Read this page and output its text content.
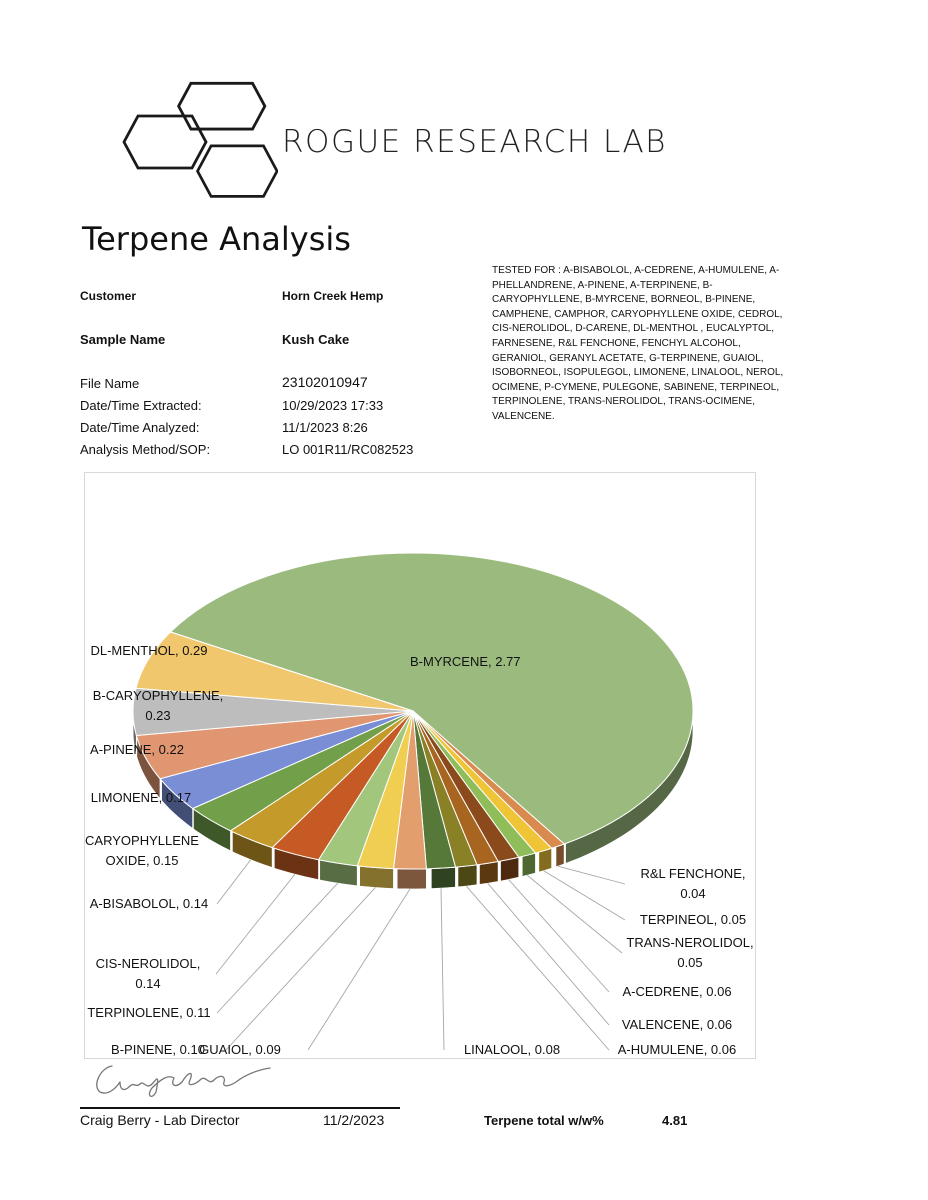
ROGUE RESEARCH LAB
Terpene Analysis
Customer	Horn Creek Hemp
Sample Name	Kush Cake
File Name	23102010947
Date/Time Extracted:	10/29/2023 17:33
Date/Time Analyzed:	11/1/2023 8:26
Analysis Method/SOP:	LO 001R11/RC082523
TESTED FOR : A-BISABOLOL, A-CEDRENE, A-HUMULENE, A-PHELLANDRENE, A-PINENE, A-TERPINENE, B-CARYOPHYLLENE, B-MYRCENE, BORNEOL, B-PINENE, CAMPHENE, CAMPHOR, CARYOPHYLLENE OXIDE, CEDROL, CIS-NEROLIDOL, D-CARENE, DL-MENTHOL , EUCALYPTOL, FARNESENE, R&L FENCHONE, FENCHYL ALCOHOL, GERANIOL, GERANYL ACETATE, G-TERPINENE, GUAIOL, ISOBORNEOL, ISOPULEGOL, LIMONENE, LINALOOL, NEROL, OCIMENE, P-CYMENE, PULEGONE, SABINENE, TERPINEOL, TERPINOLENE, TRANS-NEROLIDOL, TRANS-OCIMENE, VALENCENE.
B-MYRCENE, 2.77
R&L FENCHONE, 0.04
TERPINEOL, 0.05
TRANS-NEROLIDOL, 0.05
A-CEDRENE, 0.06
VALENCENE, 0.06
A-HUMULENE, 0.06
LINALOOL, 0.08
GUAIOL, 0.09
B-PINENE, 0.10
TERPINOLENE, 0.11
CIS-NEROLIDOL, 0.14
A-BISABOLOL, 0.14
CARYOPHYLLENE OXIDE, 0.15
LIMONENE, 0.17
A-PINENE, 0.22
B-CARYOPHYLLENE, 0.23
DL-MENTHOL, 0.29
Craig Berry - Lab Director	11/2/2023	Terpene total w/w%	4.81
